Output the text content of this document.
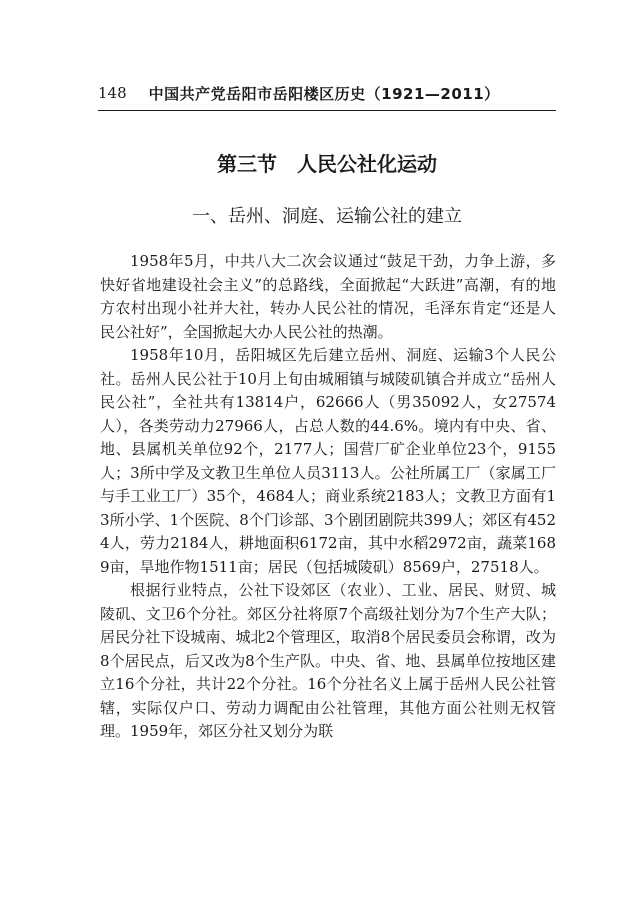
148 中国共产党岳阳市岳阳楼区历史（1921—2011）
第三节　人民公社化运动
一、岳州、洞庭、运输公社的建立

1958年5月，中共八大二次会议通过“鼓足干劲，力争上游，多快好省地建设社会主义”的总路线，全面掀起“大跃进”高潮，有的地方农村出现小社并大社，转办人民公社的情况，毛泽东肯定“还是人民公社好”，全国掀起大办人民公社的热潮。

1958年10月，岳阳城区先后建立岳州、洞庭、运输3个人民公社。岳州人民公社于10月上旬由城厢镇与城陵矶镇合并成立“岳州人民公社”，全社共有13814户，62666人（男35092人，女27574人），各类劳动力27966人，占总人数的44.6%。境内有中央、省、地、县属机关单位92个，2177人；国营厂矿企业单位23个，9155人；3所中学及文教卫生单位人员3113人。公社所属工厂（家属工厂与手工业工厂）35个，4684人；商业系统2183人；文教卫方面有13所小学、1个医院、8个门诊部、3个剧团剧院共399人；郊区有4524人，劳力2184人，耕地面积6172亩，其中水稻2972亩，蔬菜1689亩，旱地作物1511亩；居民（包括城陵矶）8569户，27518人。

根据行业特点，公社下设郊区（农业）、工业、居民、财贸、城陵矶、文卫6个分社。郊区分社将原7个高级社划分为7个生产大队；居民分社下设城南、城北2个管理区，取消8个居民委员会称谓，改为8个居民点，后又改为8个生产队。中央、省、地、县属单位按地区建立16个分社，共计22个分社。16个分社名义上属于岳州人民公社管辖，实际仅户口、劳动力调配由公社管理，其他方面公社则无权管理。1959年，郊区分社又划分为联
